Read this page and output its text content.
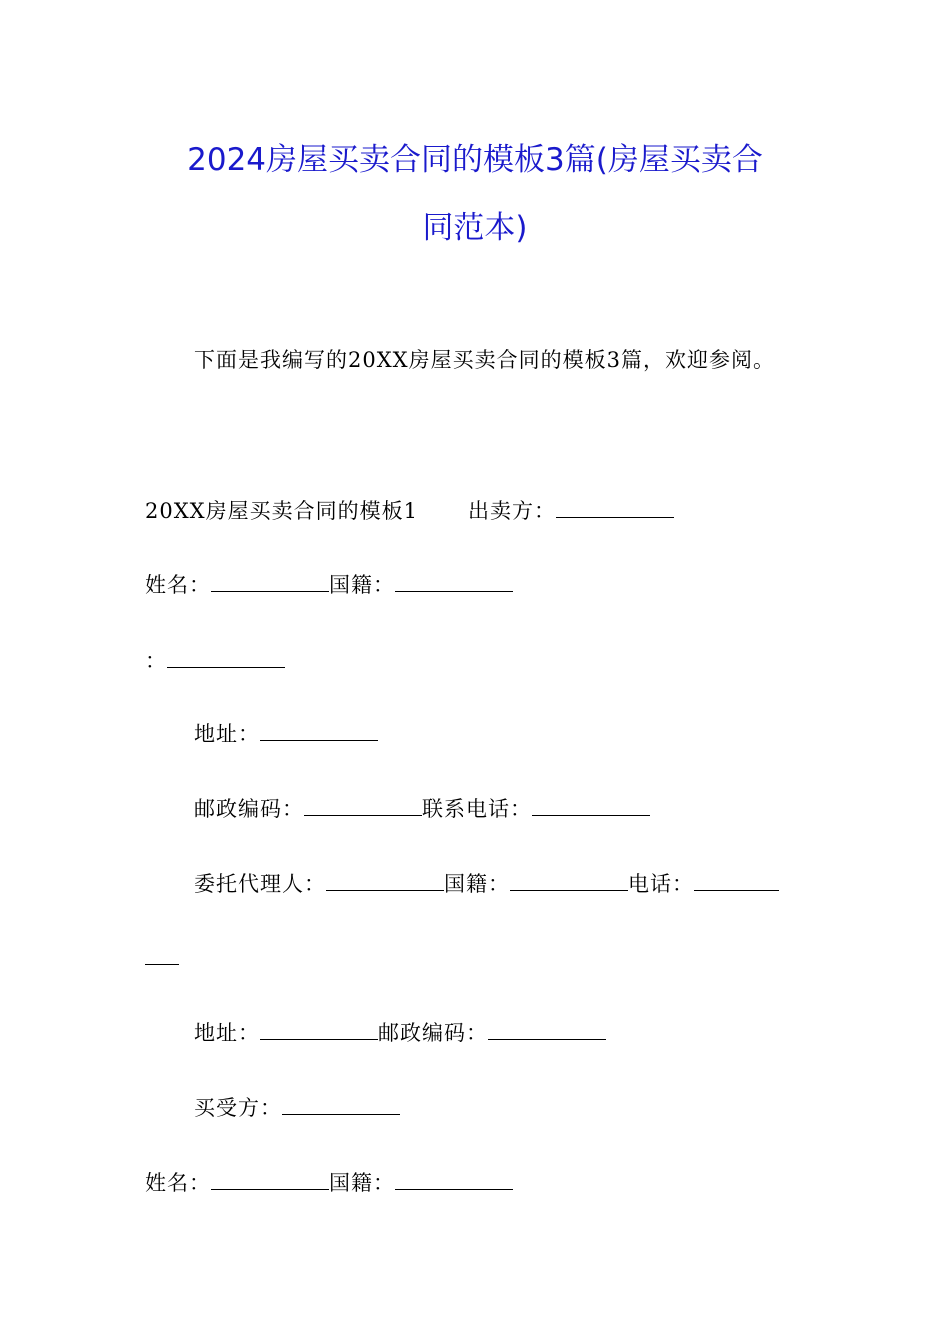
2024房屋买卖合同的模板3篇(房屋买卖合
同范本)
下面是我编写的20XX房屋买卖合同的模板3篇，欢迎参阅。
20XX房屋买卖合同的模板1 出卖方：
姓名：	国籍：
：
地址：
邮政编码：	联系电话：
委托代理人：	国籍：	电话：
地址：	邮政编码：
买受方：
姓名：	国籍：
